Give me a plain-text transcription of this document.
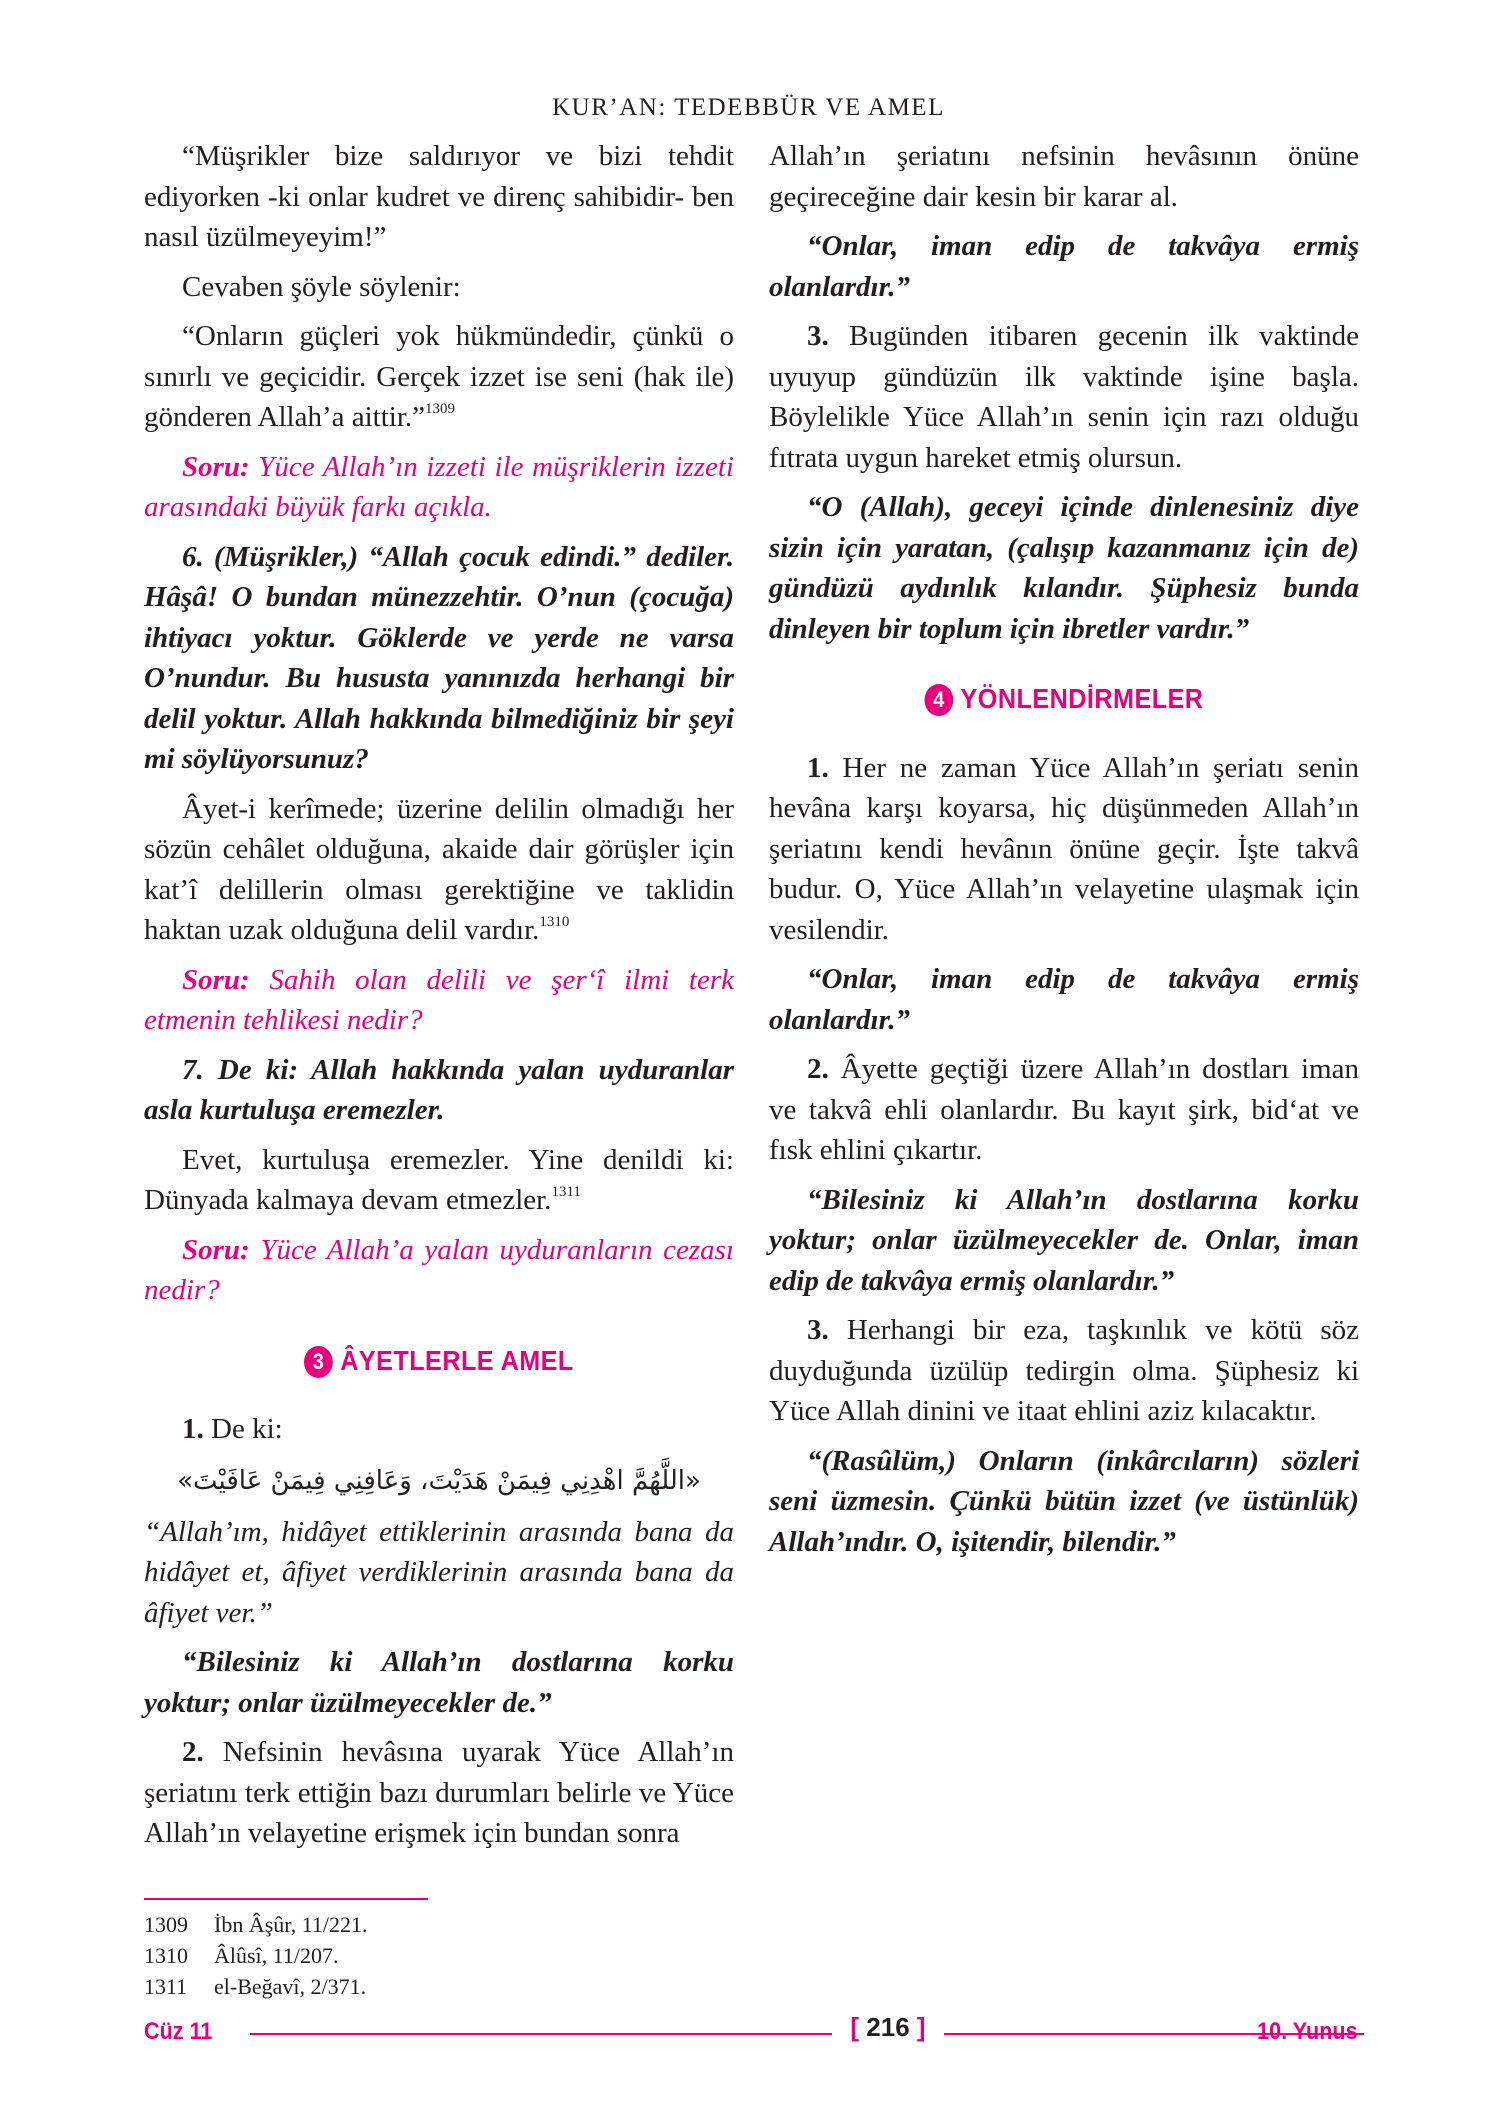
KUR’AN: TEDEBBÜR VE AMEL

“Müşrikler bize saldırıyor ve bizi tehdit ediyorken -ki onlar kudret ve direnç sahibidir- ben nasıl üzülmeyeyim!”

Cevaben şöyle söylenir:

“Onların güçleri yok hükmündedir, çünkü o sınırlı ve geçicidir. Gerçek izzet ise seni (hak ile) gönderen Allah’a aittir.”$^{1309}$

Soru: Yüce Allah’ın izzeti ile müşriklerin izzeti arasındaki büyük farkı açıkla.

6. (Müşrikler,) “Allah çocuk edindi.” dediler. Hâşâ! O bundan münezzehtir. O’nun (çocuğa) ihtiyacı yoktur. Göklerde ve yerde ne varsa O’nundur. Bu hususta yanınızda herhangi bir delil yoktur. Allah hakkında bilmediğiniz bir şeyi mi söylüyorsunuz?

Âyet-i kerîmede; üzerine delilin olmadığı her sözün cehâlet olduğuna, akaide dair görüşler için kat’î delillerin olması gerektiğine ve taklidin haktan uzak olduğuna delil vardır.$^{1310}$

Soru: Sahih olan delili ve şer‘î ilmi terk etmenin tehlikesi nedir?

7. De ki: Allah hakkında yalan uyduranlar asla kurtuluşa eremezler.

Evet, kurtuluşa eremezler. Yine denildi ki: Dünyada kalmaya devam etmezler.$^{1311}$

Soru: Yüce Allah’a yalan uyduranların cezası nedir?

3 ÂYETLERLE AMEL

1. De ki:

«اللَّهُمَّ اهْدِنِي فِيمَنْ هَدَيْتَ، وَعَافِنِي فِيمَنْ عَافَيْتَ»

“Allah’ım, hidâyet ettiklerinin arasında bana da hidâyet et, âfiyet verdiklerinin arasında bana da âfiyet ver.”

“Bilesiniz ki Allah’ın dostlarına korku yoktur; onlar üzülmeyecekler de.”

2. Nefsinin hevâsına uyarak Yüce Allah’ın şeriatını terk ettiğin bazı durumları belirle ve Yüce Allah’ın velayetine erişmek için bundan sonra

Allah’ın şeriatını nefsinin hevâsının önüne geçireceğine dair kesin bir karar al.

“Onlar, iman edip de takvâya ermiş olanlardır.”

3. Bugünden itibaren gecenin ilk vaktinde uyuyup gündüzün ilk vaktinde işine başla. Böylelikle Yüce Allah’ın senin için razı olduğu fıtrata uygun hareket etmiş olursun.

“O (Allah), geceyi içinde dinlenesiniz diye sizin için yaratan, (çalışıp kazanmanız için de) gündüzü aydınlık kılandır. Şüphesiz bunda dinleyen bir toplum için ibretler vardır.”

4 YÖNLENDİRMELER

1. Her ne zaman Yüce Allah’ın şeriatı senin hevâna karşı koyarsa, hiç düşünmeden Allah’ın şeriatını kendi hevânın önüne geçir. İşte takvâ budur. O, Yüce Allah’ın velayetine ulaşmak için vesilendir.

“Onlar, iman edip de takvâya ermiş olanlardır.”

2. Âyette geçtiği üzere Allah’ın dostları iman ve takvâ ehli olanlardır. Bu kayıt şirk, bid‘at ve fısk ehlini çıkartır.

“Bilesiniz ki Allah’ın dostlarına korku yoktur; onlar üzülmeyecekler de. Onlar, iman edip de takvâya ermiş olanlardır.”

3. Herhangi bir eza, taşkınlık ve kötü söz duyduğunda üzülüp tedirgin olma. Şüphesiz ki Yüce Allah dinini ve itaat ehlini aziz kılacaktır.

“(Rasûlüm,) Onların (inkârcıların) sözleri seni üzmesin. Çünkü bütün izzet (ve üstünlük) Allah’ındır. O, işitendir, bilendir.”

1309	İbn Âşûr, 11/221.
1310	Âlûsî, 11/207.
1311	el-Beğavî, 2/371.
Cüz 11	[ 216 ]	10. Yunus
